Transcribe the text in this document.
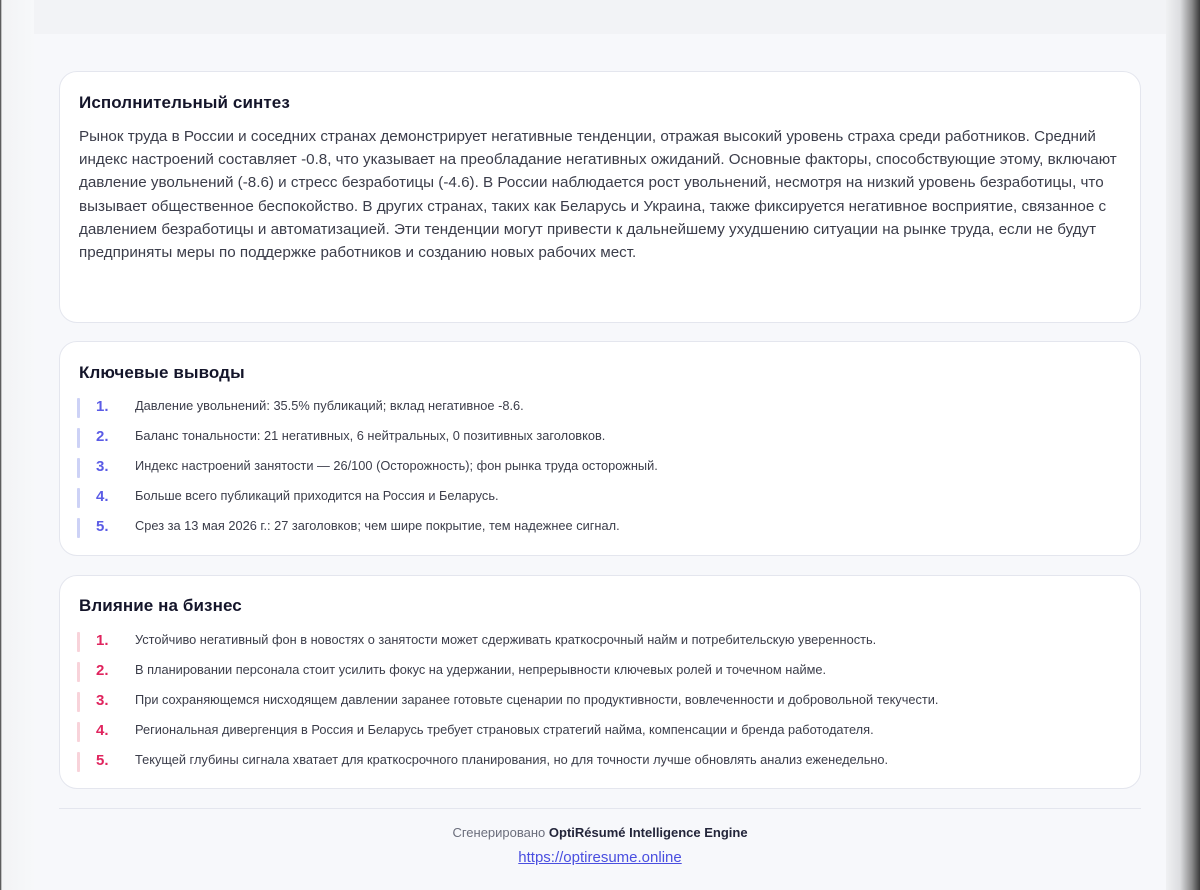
Исполнительный синтез

Рынок труда в России и соседних странах демонстрирует негативные тенденции, отражая высокий уровень страха среди работников. Средний индекс настроений составляет -0.8, что указывает на преобладание негативных ожиданий. Основные факторы, способствующие этому, включают давление увольнений (-8.6) и стресс безработицы (-4.6). В России наблюдается рост увольнений, несмотря на низкий уровень безработицы, что вызывает общественное беспокойство. В других странах, таких как Беларусь и Украина, также фиксируется негативное восприятие, связанное с давлением безработицы и автоматизацией. Эти тенденции могут привести к дальнейшему ухудшению ситуации на рынке труда, если не будут предприняты меры по поддержке работников и созданию новых рабочих мест.

Ключевые выводы
1. Давление увольнений: 35.5% публикаций; вклад негативное -8.6.
2. Баланс тональности: 21 негативных, 6 нейтральных, 0 позитивных заголовков.
3. Индекс настроений занятости — 26/100 (Осторожность); фон рынка труда осторожный.
4. Больше всего публикаций приходится на Россия и Беларусь.
5. Срез за 13 мая 2026 г.: 27 заголовков; чем шире покрытие, тем надежнее сигнал.
Влияние на бизнес
1. Устойчиво негативный фон в новостях о занятости может сдерживать краткосрочный найм и потребительскую уверенность.
2. В планировании персонала стоит усилить фокус на удержании, непрерывности ключевых ролей и точечном найме.
3. При сохраняющемся нисходящем давлении заранее готовьте сценарии по продуктивности, вовлеченности и добровольной текучести.
4. Региональная дивергенция в Россия и Беларусь требует страновых стратегий найма, компенсации и бренда работодателя.
5. Текущей глубины сигнала хватает для краткосрочного планирования, но для точности лучше обновлять анализ еженедельно.
Сгенерировано OptiRésumé Intelligence Engine
https://optiresume.online
